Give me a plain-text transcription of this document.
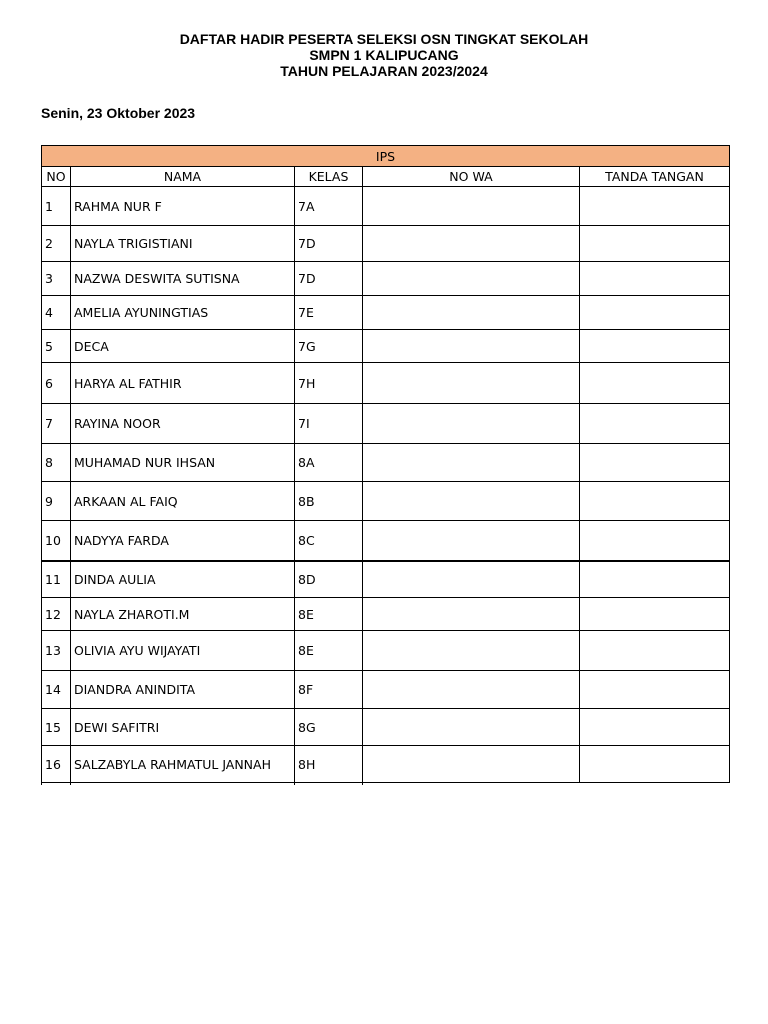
DAFTAR HADIR PESERTA SELEKSI OSN TINGKAT SEKOLAH
SMPN 1 KALIPUCANG
TAHUN PELAJARAN 2023/2024
Senin, 23 Oktober 2023
IPS				
NO	NAMA	KELAS	NO WA	TANDA TANGAN
1	RAHMA NUR F	7A		
2	NAYLA TRIGISTIANI	7D		
3	NAZWA DESWITA SUTISNA	7D		
4	AMELIA AYUNINGTIAS	7E		
5	DECA	7G		
6	HARYA AL FATHIR	7H		
7	RAYINA NOOR	7I		
8	MUHAMAD NUR IHSAN	8A		
9	ARKAAN AL FAIQ	8B		
10	NADYYA FARDA	8C		
11	DINDA AULIA	8D		
12	NAYLA ZHAROTI.M	8E		
13	OLIVIA AYU WIJAYATI	8E		
14	DIANDRA ANINDITA	8F		
15	DEWI SAFITRI	8G		
16	SALZABYLA RAHMATUL JANNAH	8H		
